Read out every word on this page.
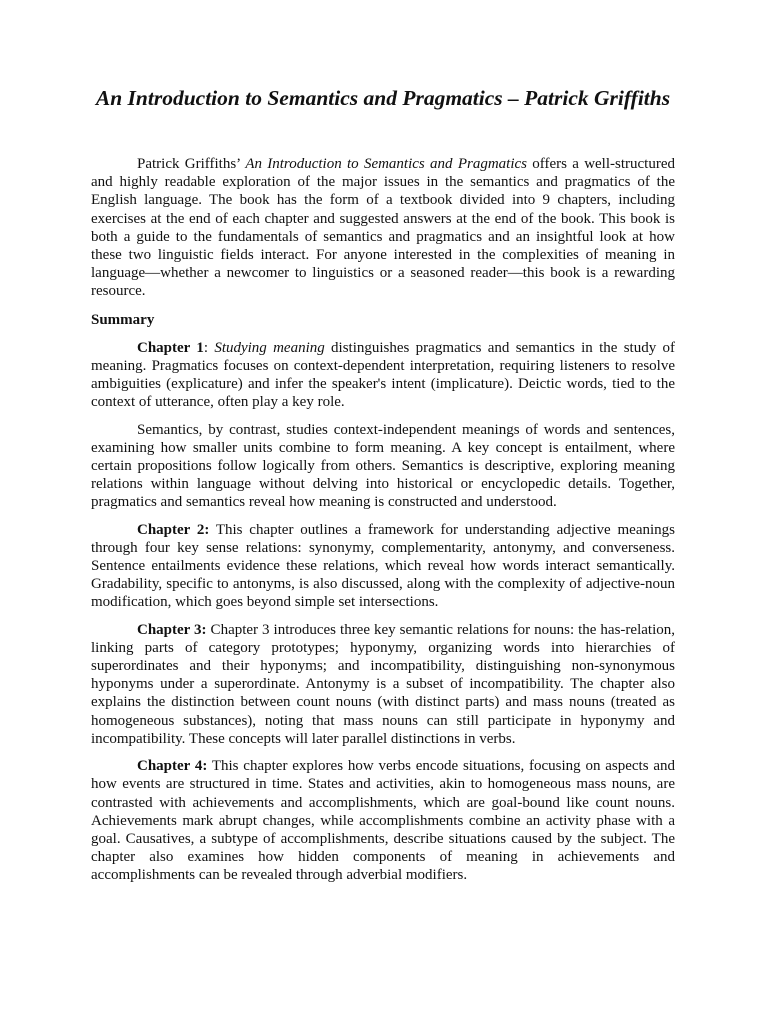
An Introduction to Semantics and Pragmatics – Patrick Griffiths

Patrick Griffiths’ An Introduction to Semantics and Pragmatics offers a well-structured and highly readable exploration of the major issues in the semantics and pragmatics of the English language. The book has the form of a textbook divided into 9 chapters, including exercises at the end of each chapter and suggested answers at the end of the book. This book is both a guide to the fundamentals of semantics and pragmatics and an insightful look at how these two linguistic fields interact. For anyone interested in the complexities of meaning in language—whether a newcomer to linguistics or a seasoned reader—this book is a rewarding resource.

Summary

Chapter 1: Studying meaning distinguishes pragmatics and semantics in the study of meaning. Pragmatics focuses on context-dependent interpretation, requiring listeners to resolve ambiguities (explicature) and infer the speaker's intent (implicature). Deictic words, tied to the context of utterance, often play a key role.

Semantics, by contrast, studies context-independent meanings of words and sentences, examining how smaller units combine to form meaning. A key concept is entailment, where certain propositions follow logically from others. Semantics is descriptive, exploring meaning relations within language without delving into historical or encyclopedic details. Together, pragmatics and semantics reveal how meaning is constructed and understood.

Chapter 2: This chapter outlines a framework for understanding adjective meanings through four key sense relations: synonymy, complementarity, antonymy, and converseness. Sentence entailments evidence these relations, which reveal how words interact semantically. Gradability, specific to antonyms, is also discussed, along with the complexity of adjective-noun modification, which goes beyond simple set intersections.

Chapter 3: Chapter 3 introduces three key semantic relations for nouns: the has-relation, linking parts of category prototypes; hyponymy, organizing words into hierarchies of superordinates and their hyponyms; and incompatibility, distinguishing non-synonymous hyponyms under a superordinate. Antonymy is a subset of incompatibility. The chapter also explains the distinction between count nouns (with distinct parts) and mass nouns (treated as homogeneous substances), noting that mass nouns can still participate in hyponymy and incompatibility. These concepts will later parallel distinctions in verbs.

Chapter 4: This chapter explores how verbs encode situations, focusing on aspects and how events are structured in time. States and activities, akin to homogeneous mass nouns, are contrasted with achievements and accomplishments, which are goal-bound like count nouns. Achievements mark abrupt changes, while accomplishments combine an activity phase with a goal. Causatives, a subtype of accomplishments, describe situations caused by the subject. The chapter also examines how hidden components of meaning in achievements and accomplishments can be revealed through adverbial modifiers.
